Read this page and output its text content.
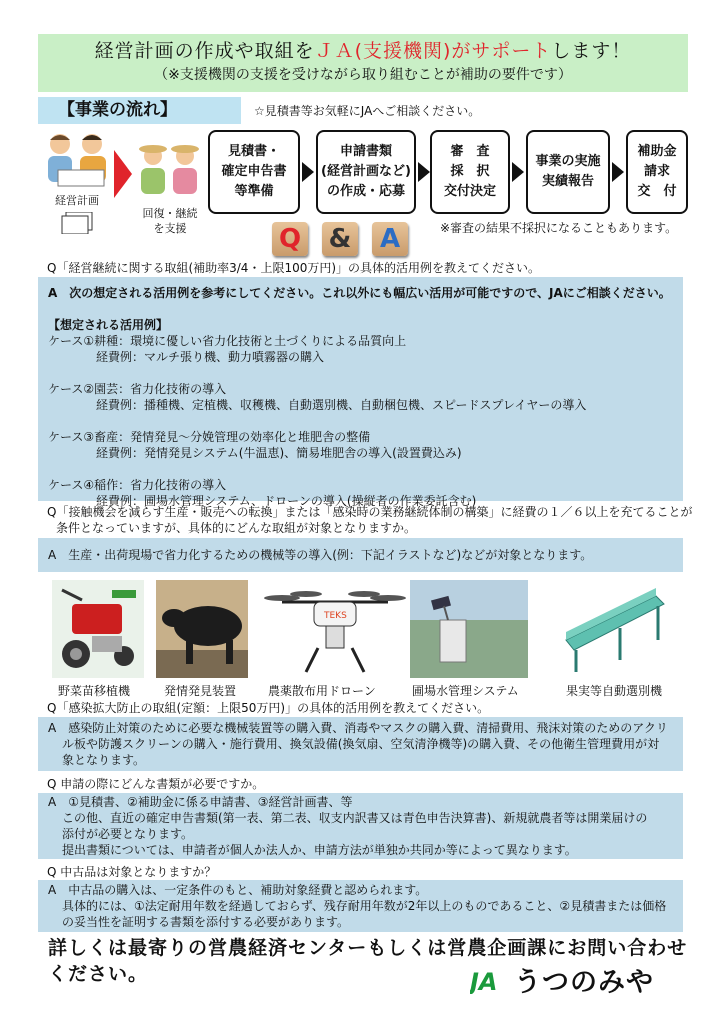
経営計画の作成や取組をＪＡ(支援機関)がサポートします！
（※支援機関の支援を受けながら取り組むことが補助の要件です）
【事業の流れ】	☆見積書等お気軽にJAへご相談ください。
経営計画
回復・継続
を支援
見積書・
確定申告書
等準備
申請書類
(経営計画など)
の作成・応募
審　査
採　択
交付決定
事業の実施
実績報告
補助金
請求
交　付
※審査の結果不採択になることもあります。
Q &	A
Q「経営継続に関する取組(補助率3/4・上限100万円)」の具体的活用例を教えてください。
A　次の想定される活用例を参考にしてください。これ以外にも幅広い活用が可能ですので、JAにご相談ください。
【想定される活用例】
ケース①耕種：環境に優しい省力化技術と土づくりによる品質向上
経費例：マルチ張り機、動力噴霧器の購入
ケース②園芸：省力化技術の導入
経費例：播種機、定植機、収穫機、自動選別機、自動梱包機、スピードスプレイヤーの導入
ケース③畜産：発情発見～分娩管理の効率化と堆肥舎の整備
経費例：発情発見システム(牛温恵)、簡易堆肥舎の導入(設置費込み)
ケース④稲作：省力化技術の導入
経費例：圃場水管理システム、ドローンの導入(操縦者の作業委託含む)
Q「接触機会を減らす生産・販売への転換」または「感染時の業務継続体制の構築」に経費の１／６以上を充てることが
条件となっていますが、具体的にどんな取組が対象となりますか。
A　生産・出荷現場で省力化するための機械等の導入(例：下記イラストなど)などが対象となります。
野菜苗移植機	発情発見装置
TEKS
農薬散布用ドローン	圃場水管理システム	果実等自動選別機
Q「感染拡大防止の取組(定額：上限50万円)」の具体的活用例を教えてください。
A　感染防止対策のために必要な機械装置等の購入費、消毒やマスクの購入費、清掃費用、飛沫対策のためのアクリ
ル板や防護スクリーンの購入・施行費用、換気設備(換気扇、空気清浄機等)の購入費、その他衛生管理費用が対
象となります。
Q 申請の際にどんな書類が必要ですか。
A　①見積書、②補助金に係る申請書、③経営計画書、等
この他、直近の確定申告書類(第一表、第二表、収支内訳書又は青色申告決算書)、新規就農者等は開業届けの
添付が必要となります。
提出書類については、申請者が個人か法人か、申請方法が単独か共同か等によって異なります。
Q 中古品は対象となりますか？
A　中古品の購入は、一定条件のもと、補助対象経費と認められます。
具体的には、①法定耐用年数を経過しておらず、残存耐用年数が2年以上のものであること、②見積書または価格
の妥当性を証明する書類を添付する必要があります。
詳しくは最寄りの営農経済センターもしくは営農企画課にお問い合わせ
ください。	JA うつのみや
